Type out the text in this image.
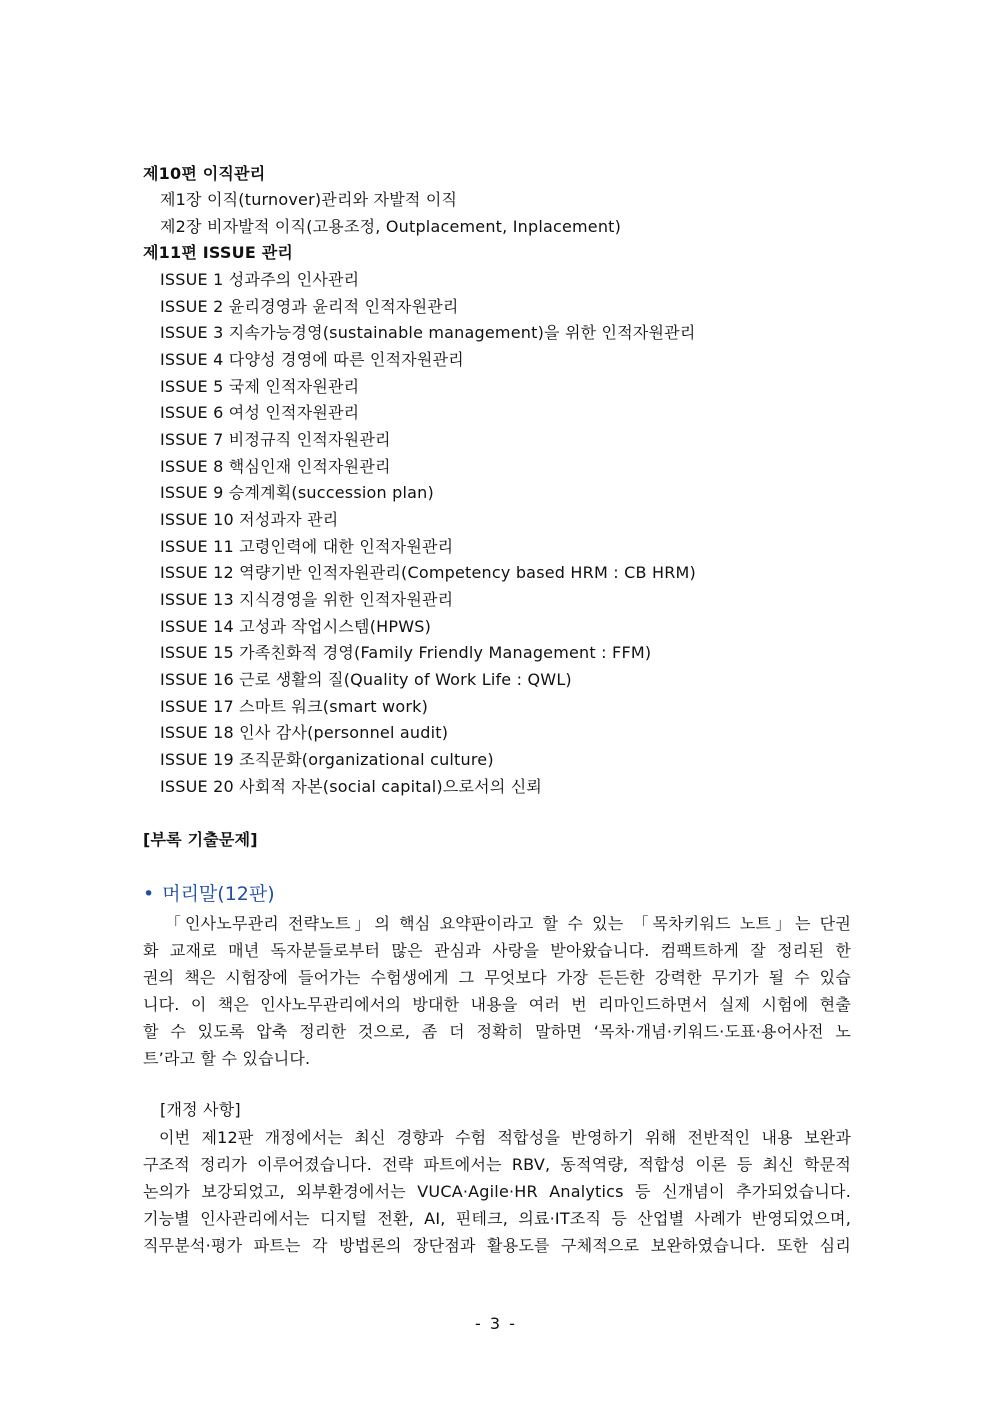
제10편 이직관리
제1장 이직(turnover)관리와 자발적 이직
제2장 비자발적 이직(고용조정, Outplacement, Inplacement)
제11편 ISSUE 관리
ISSUE 1 성과주의 인사관리
ISSUE 2 윤리경영과 윤리적 인적자원관리
ISSUE 3 지속가능경영(sustainable management)을 위한 인적자원관리
ISSUE 4 다양성 경영에 따른 인적자원관리
ISSUE 5 국제 인적자원관리
ISSUE 6 여성 인적자원관리
ISSUE 7 비정규직 인적자원관리
ISSUE 8 핵심인재 인적자원관리
ISSUE 9 승계계획(succession plan)
ISSUE 10 저성과자 관리
ISSUE 11 고령인력에 대한 인적자원관리
ISSUE 12 역량기반 인적자원관리(Competency based HRM : CB HRM)
ISSUE 13 지식경영을 위한 인적자원관리
ISSUE 14 고성과 작업시스템(HPWS)
ISSUE 15 가족친화적 경영(Family Friendly Management : FFM)
ISSUE 16 근로 생활의 질(Quality of Work Life : QWL)
ISSUE 17 스마트 워크(smart work)
ISSUE 18 인사 감사(personnel audit)
ISSUE 19 조직문화(organizational culture)
ISSUE 20 사회적 자본(social capital)으로서의 신뢰
[부록 기출문제]
• 머리말(12판)
「인사노무관리 전략노트」의 핵심 요약판이라고 할 수 있는 「목차키워드 노트」는 단권
화 교재로 매년 독자분들로부터 많은 관심과 사랑을 받아왔습니다. 컴팩트하게 잘 정리된 한
권의 책은 시험장에 들어가는 수험생에게 그 무엇보다 가장 든든한 강력한 무기가 될 수 있습
니다. 이 책은 인사노무관리에서의 방대한 내용을 여러 번 리마인드하면서 실제 시험에 현출
할 수 있도록 압축 정리한 것으로, 좀 더 정확히 말하면 ‘목차·개념·키워드·도표·용어사전 노
트’라고 할 수 있습니다.
[개정 사항]
이번 제12판 개정에서는 최신 경향과 수험 적합성을 반영하기 위해 전반적인 내용 보완과
구조적 정리가 이루어졌습니다. 전략 파트에서는 RBV, 동적역량, 적합성 이론 등 최신 학문적
논의가 보강되었고, 외부환경에서는 VUCA·Agile·HR Analytics 등 신개념이 추가되었습니다.
기능별 인사관리에서는 디지털 전환, AI, 핀테크, 의료·IT조직 등 산업별 사례가 반영되었으며,
직무분석·평가 파트는 각 방법론의 장단점과 활용도를 구체적으로 보완하였습니다. 또한 심리
- 3 -
